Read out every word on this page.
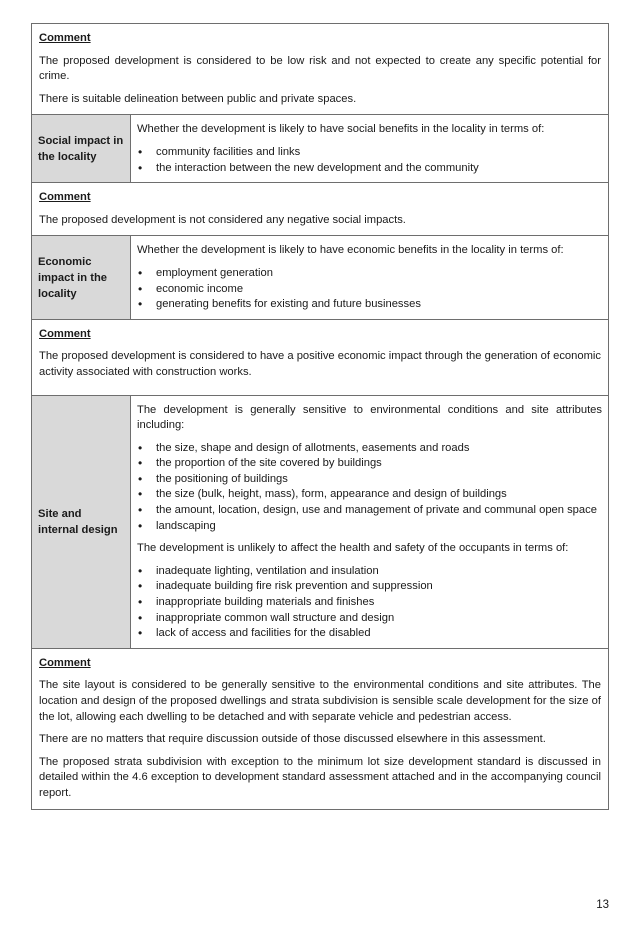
Comment
The proposed development is considered to be low risk and not expected to create any specific potential for crime.
There is suitable delineation between public and private spaces.
Social impact in the locality
Whether the development is likely to have social benefits in the locality in terms of:
• community facilities and links
• the interaction between the new development and the community
Comment
The proposed development is not considered any negative social impacts.
Economic impact in the locality
Whether the development is likely to have economic benefits in the locality in terms of:
• employment generation
• economic income
• generating benefits for existing and future businesses
Comment
The proposed development is considered to have a positive economic impact through the generation of economic activity associated with construction works.
Site and internal design
The development is generally sensitive to environmental conditions and site attributes including:
• the size, shape and design of allotments, easements and roads
• the proportion of the site covered by buildings
• the positioning of buildings
• the size (bulk, height, mass), form, appearance and design of buildings
• the amount, location, design, use and management of private and communal open space
• landscaping
The development is unlikely to affect the health and safety of the occupants in terms of:
• inadequate lighting, ventilation and insulation
• inadequate building fire risk prevention and suppression
• inappropriate building materials and finishes
• inappropriate common wall structure and design
• lack of access and facilities for the disabled
Comment
The site layout is considered to be generally sensitive to the environmental conditions and site attributes. The location and design of the proposed dwellings and strata subdivision is sensible scale development for the size of the lot, allowing each dwelling to be detached and with separate vehicle and pedestrian access.
There are no matters that require discussion outside of those discussed elsewhere in this assessment.
The proposed strata subdivision with exception to the minimum lot size development standard is discussed in detailed within the 4.6 exception to development standard assessment attached and in the accompanying council report.
13
